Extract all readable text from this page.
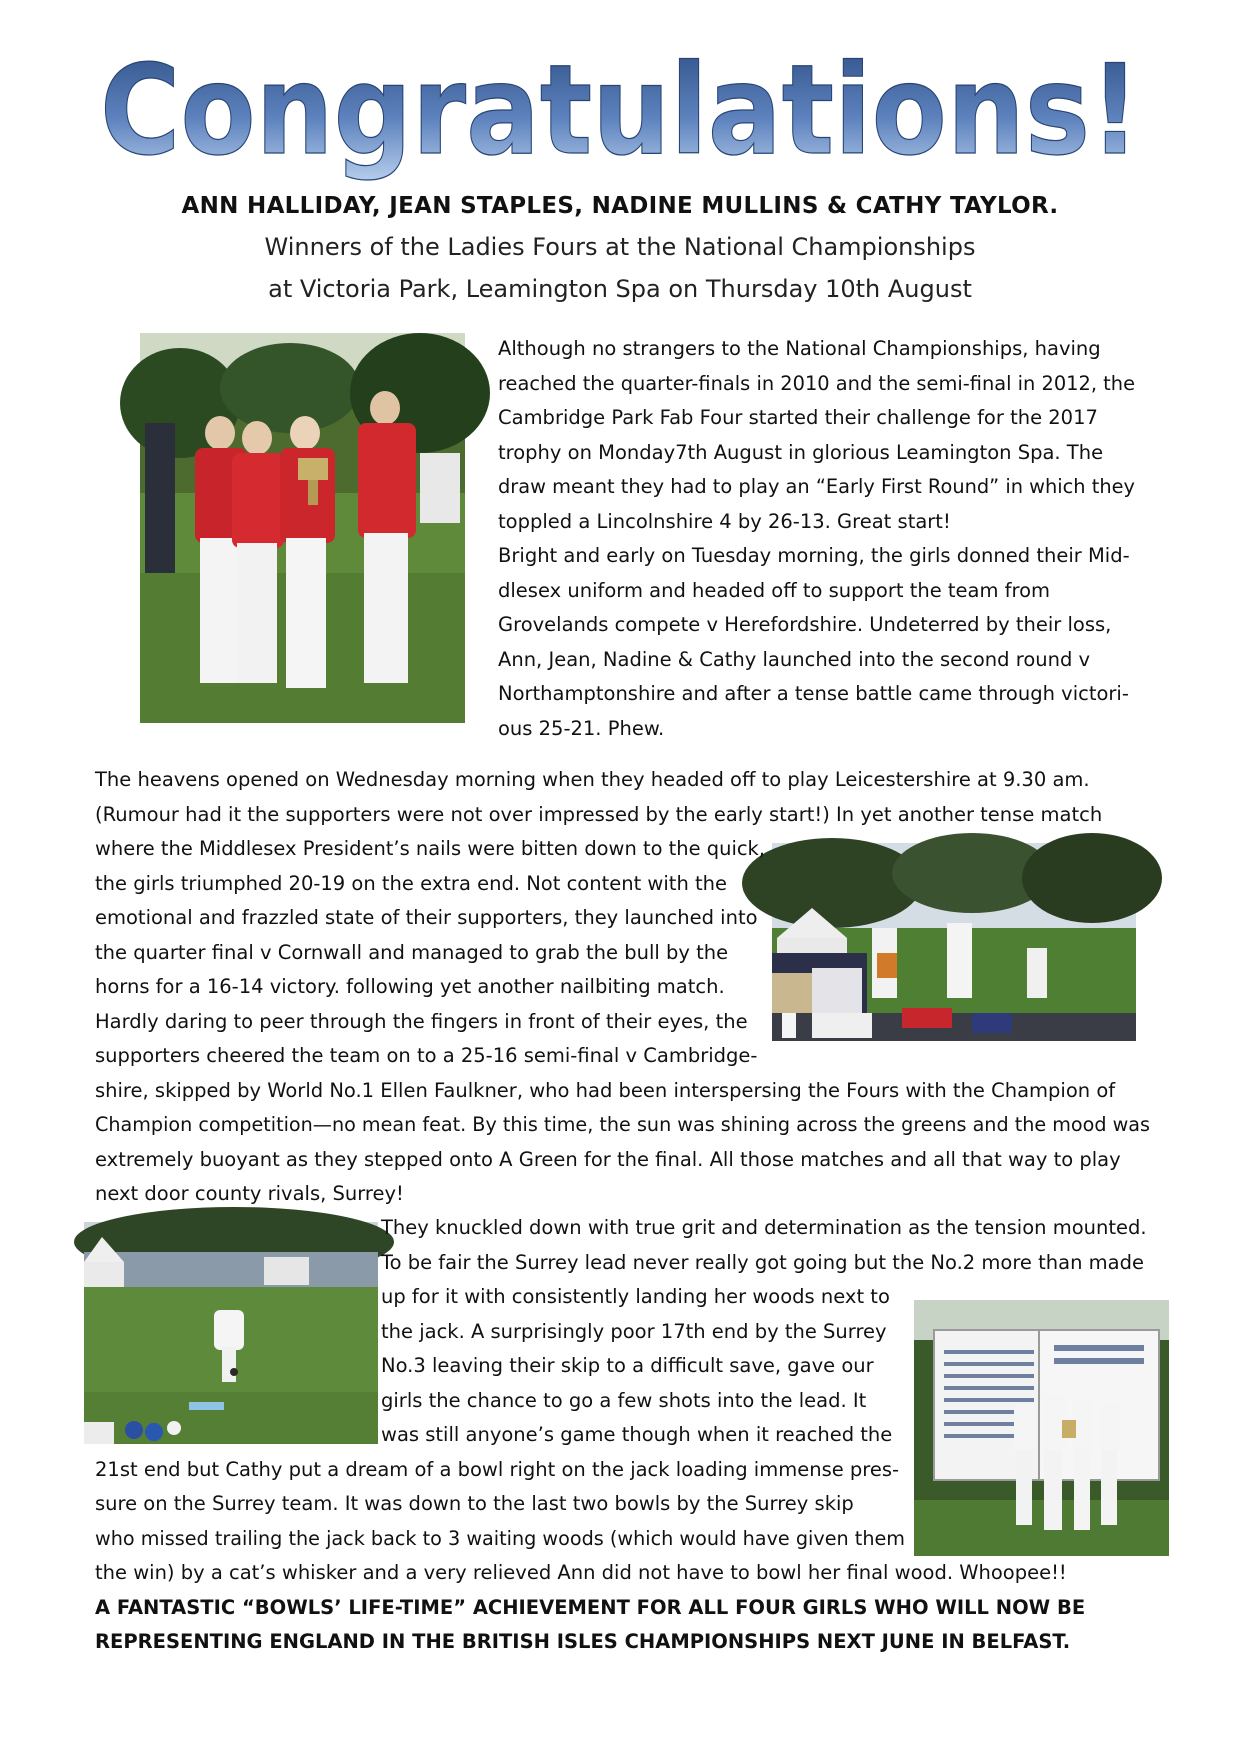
Congratulations!
ANN HALLIDAY, JEAN STAPLES, NADINE MULLINS & CATHY TAYLOR.
Winners of the Ladies Fours at the National Championships
at Victoria Park, Leamington Spa on Thursday 10th August
Although no strangers to the National Championships, having
reached the quarter-finals in 2010 and the semi-final in 2012, the
Cambridge Park Fab Four started their challenge for the 2017
trophy on Monday7th August in glorious Leamington Spa. The
draw meant they had to play an “Early First Round” in which they
toppled a Lincolnshire 4 by 26-13. Great start!
Bright and early on Tuesday morning, the girls donned their Mid-
dlesex uniform and headed off to support the team from
Grovelands compete v Herefordshire. Undeterred by their loss,
Ann, Jean, Nadine & Cathy launched into the second round v
Northamptonshire and after a tense battle came through victori-
ous 25-21. Phew.
The heavens opened on Wednesday morning when they headed off to play Leicestershire at 9.30 am.
(Rumour had it the supporters were not over impressed by the early start!) In yet another tense match
where the Middlesex President’s nails were bitten down to the quick,
the girls triumphed 20-19 on the extra end. Not content with the
emotional and frazzled state of their supporters, they launched into
the quarter final v Cornwall and managed to grab the bull by the
horns for a 16-14 victory. following yet another nailbiting match.
Hardly daring to peer through the fingers in front of their eyes, the
supporters cheered the team on to a 25-16 semi-final v Cambridge-
shire, skipped by World No.1 Ellen Faulkner, who had been interspersing the Fours with the Champion of
Champion competition—no mean feat. By this time, the sun was shining across the greens and the mood was
extremely buoyant as they stepped onto A Green for the final. All those matches and all that way to play
next door county rivals, Surrey!
They knuckled down with true grit and determination as the tension mounted.
To be fair the Surrey lead never really got going but the No.2 more than made
up for it with consistently landing her woods next to
the jack. A surprisingly poor 17th end by the Surrey
No.3 leaving their skip to a difficult save, gave our
girls the chance to go a few shots into the lead. It
was still anyone’s game though when it reached the
21st end but Cathy put a dream of a bowl right on the jack loading immense pres-
sure on the Surrey team. It was down to the last two bowls by the Surrey skip
who missed trailing the jack back to 3 waiting woods (which would have given them
the win) by a cat’s whisker and a very relieved Ann did not have to bowl her final wood. Whoopee!!
A FANTASTIC “BOWLS’ LIFE-TIME” ACHIEVEMENT FOR ALL FOUR GIRLS WHO WILL NOW BE
REPRESENTING ENGLAND IN THE BRITISH ISLES CHAMPIONSHIPS NEXT JUNE IN BELFAST.
